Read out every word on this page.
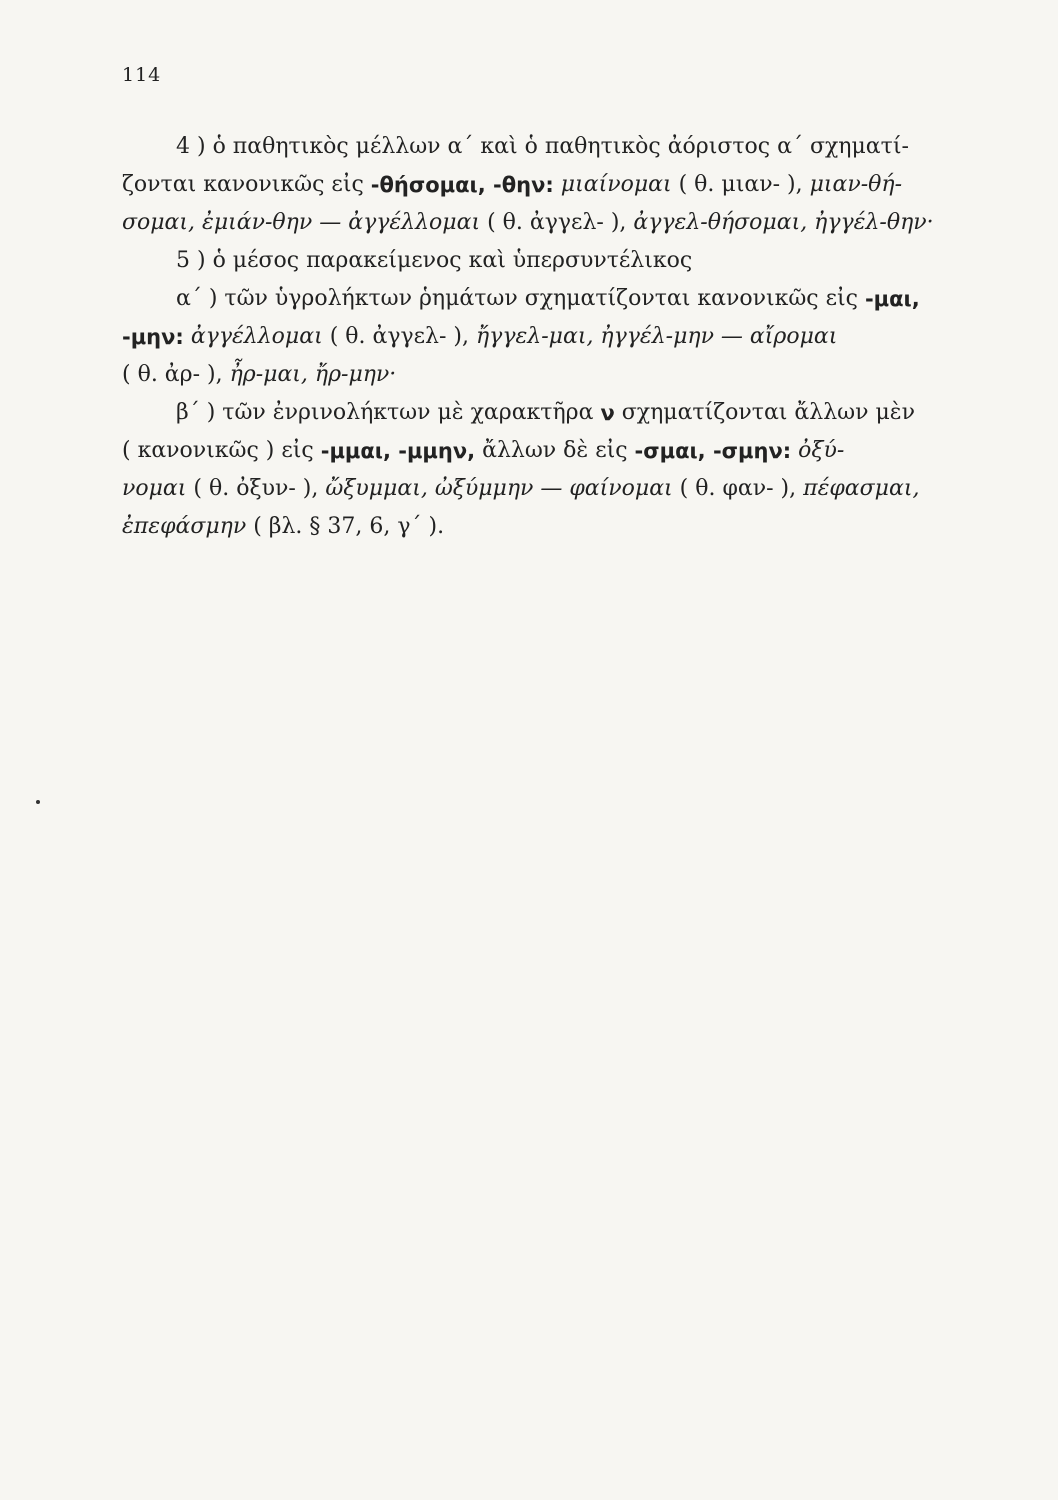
114
4 ) ὁ παθητικὸς μέλλων α΄ καὶ ὁ παθητικὸς ἀόριστος α΄ σχηματί-
ζονται κανονικῶς εἰς -θήσομαι, -θην:
μιαίνομαι ( θ. μιαν- ), μιαν-θή-
σομαι, ἐμιάν-θην — ἀγγέλλομαι ( θ. ἀγγελ- ), ἀγγελ-θήσομαι, ἠγγέλ-θην·
5 ) ὁ μέσος παρακείμενος καὶ ὑπερσυντέλικος
α΄ ) τῶν ὑγρολήκτων ῥημάτων σχηματίζονται κανονικῶς εἰς -μαι,
-μην:
ἀγγέλλομαι ( θ. ἀγγελ- ), ἤγγελ-μαι, ἠγγέλ-μην — αἴρομαι
( θ. ἀρ- ), ἦρ-μαι, ἤρ-μην·
β΄ ) τῶν ἐνρινολήκτων μὲ χαρακτῆρα ν σχηματίζονται ἄλλων μὲν
( κανονικῶς ) εἰς -μμαι, -μμην, ἄλλων δὲ εἰς -σμαι, -σμην:
ὀξύ-
νομαι ( θ. ὀξυν- ), ὤξυμμαι, ὠξύμμην — φαίνομαι ( θ. φαν- ), πέφασμαι,
ἐπεφάσμην ( βλ. § 37, 6, γ΄ ).
